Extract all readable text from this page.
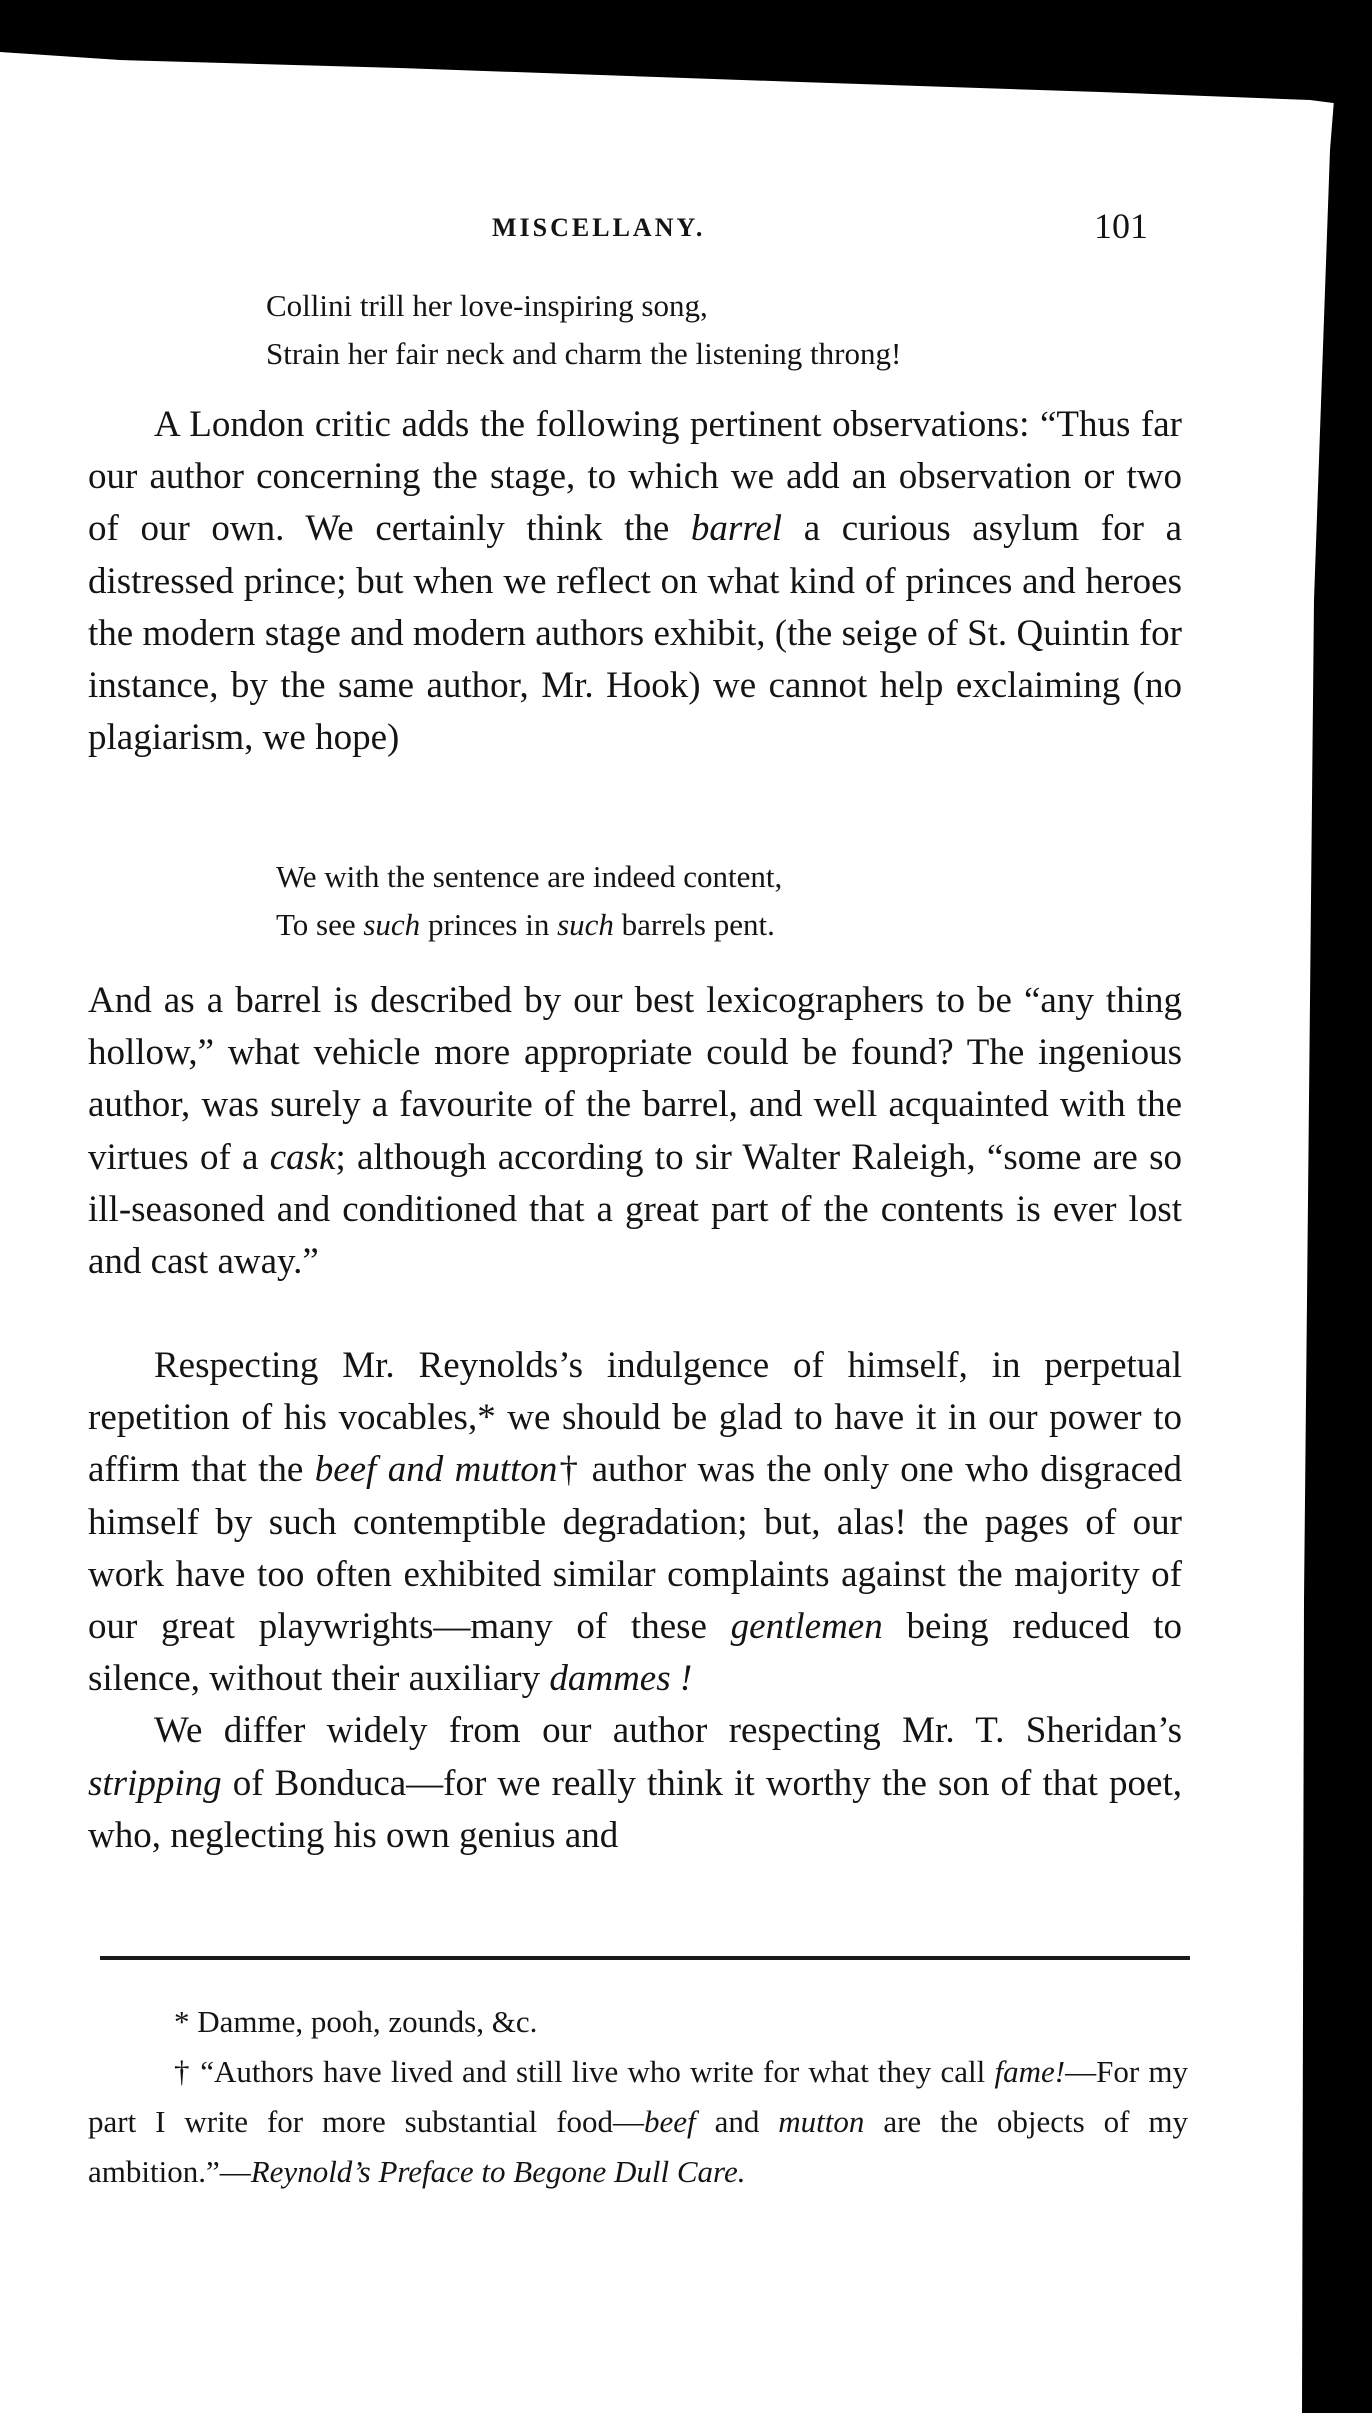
MISCELLANY.	101
Collini trill her love-inspiring song,
Strain her fair neck and charm the listening throng!

A London critic adds the following pertinent observations: “Thus far our author concerning the stage, to which we add an observation or two of our own. We certainly think the barrel a curious asylum for a distressed prince; but when we reflect on what kind of princes and heroes the modern stage and modern authors exhibit, (the seige of St. Quintin for instance, by the same author, Mr. Hook) we cannot help exclaiming (no plagiarism, we hope)

We with the sentence are indeed content,
To see such princes in such barrels pent.

And as a barrel is described by our best lexicographers to be “any thing hollow,” what vehicle more appropriate could be found? The ingenious author, was surely a favourite of the barrel, and well acquainted with the virtues of a cask; although according to sir Walter Raleigh, “some are so ill-seasoned and conditioned that a great part of the contents is ever lost and cast away.”

Respecting Mr. Reynolds’s indulgence of himself, in perpetual repetition of his vocables,* we should be glad to have it in our power to affirm that the beef and mutton† author was the only one who disgraced himself by such contemptible degradation; but, alas! the pages of our work have too often exhibited similar complaints against the majority of our great playwrights—many of these gentlemen being reduced to silence, without their auxiliary dammes !

We differ widely from our author respecting Mr. T. Sheridan’s stripping of Bonduca—for we really think it worthy the son of that poet, who, neglecting his own genius and

* Damme, pooh, zounds, &c.

† “Authors have lived and still live who write for what they call fame!—For my part I write for more substantial food—beef and mutton are the objects of my ambition.”—Reynold’s Preface to Begone Dull Care.
